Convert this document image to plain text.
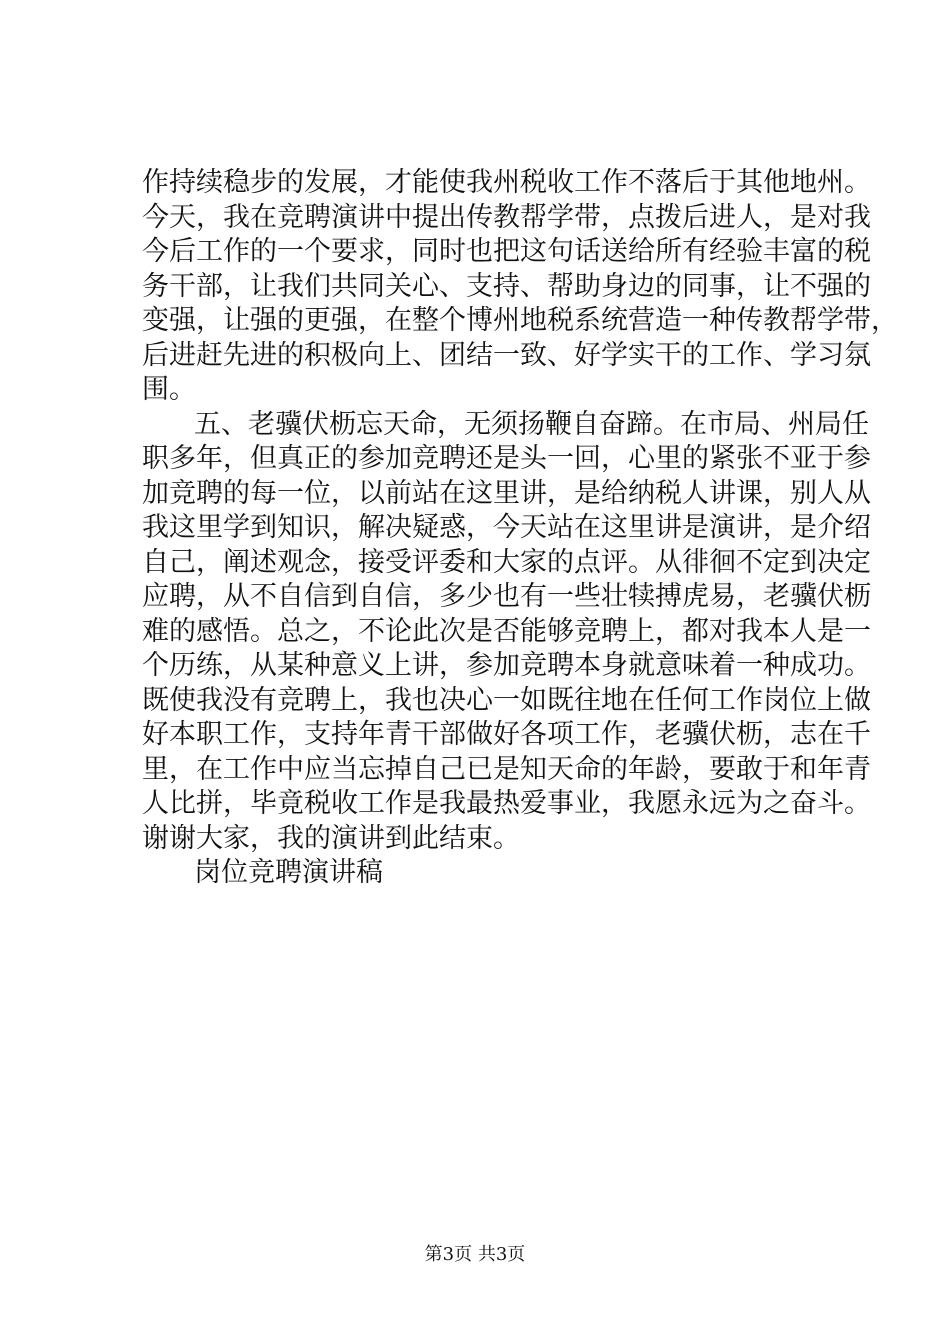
作持续稳步的发展，才能使我州税收工作不落后于其他地州。
今天，我在竞聘演讲中提出传教帮学带，点拨后进人，是对我
今后工作的一个要求，同时也把这句话送给所有经验丰富的税
务干部，让我们共同关心、支持、帮助身边的同事，让不强的
变强，让强的更强，在整个博州地税系统营造一种传教帮学带，
后进赶先进的积极向上、团结一致、好学实干的工作、学习氛
围。
五、老骥伏枥忘天命，无须扬鞭自奋蹄。在市局、州局任
职多年，但真正的参加竞聘还是头一回，心里的紧张不亚于参
加竞聘的每一位，以前站在这里讲，是给纳税人讲课，别人从
我这里学到知识，解决疑惑，今天站在这里讲是演讲，是介绍
自己，阐述观念，接受评委和大家的点评。从徘徊不定到决定
应聘，从不自信到自信，多少也有一些壮犊搏虎易，老骥伏枥
难的感悟。总之，不论此次是否能够竞聘上，都对我本人是一
个历练，从某种意义上讲，参加竞聘本身就意味着一种成功。
既使我没有竞聘上，我也决心一如既往地在任何工作岗位上做
好本职工作，支持年青干部做好各项工作，老骥伏枥，志在千
里，在工作中应当忘掉自己已是知天命的年龄，要敢于和年青
人比拼，毕竟税收工作是我最热爱事业，我愿永远为之奋斗。
谢谢大家，我的演讲到此结束。
岗位竞聘演讲稿
第3页 共3页
